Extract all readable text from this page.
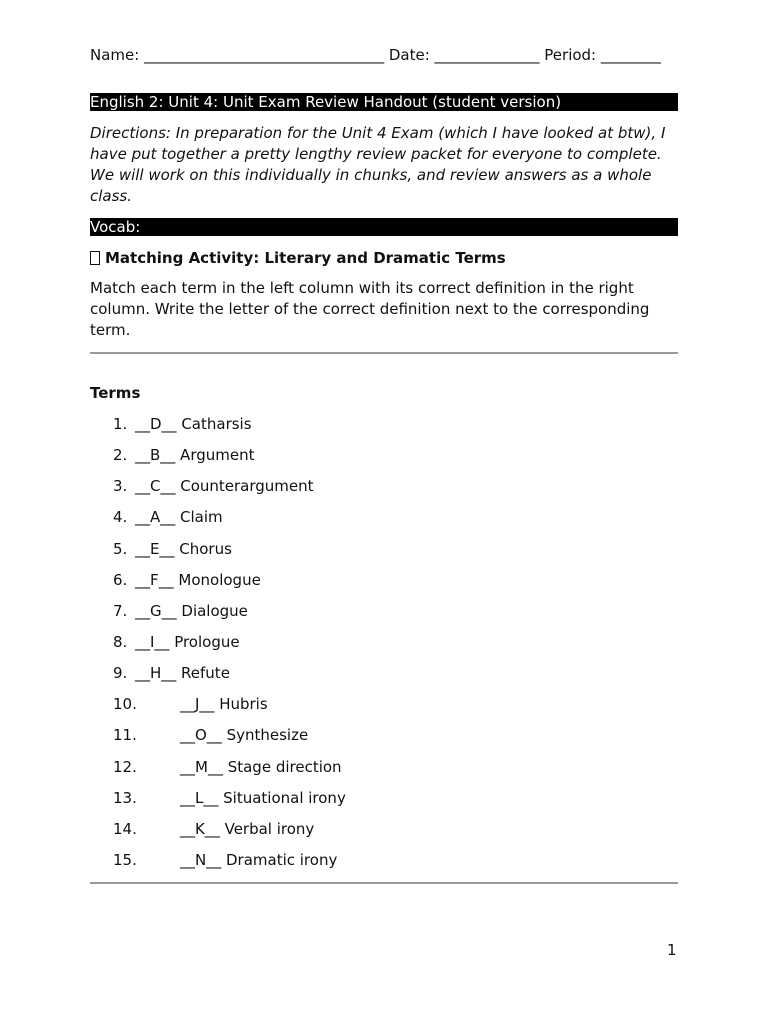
Name: ________________________________ Date: ______________ Period: ________
English 2: Unit 4: Unit Exam Review Handout (student version)
Directions: In preparation for the Unit 4 Exam (which I have looked at btw), I have put together a pretty lengthy review packet for everyone to complete. We will work on this individually in chunks, and review answers as a whole class.
Vocab:
Matching Activity: Literary and Dramatic Terms
Match each term in the left column with its correct definition in the right column. Write the letter of the correct definition next to the corresponding term.
Terms
1. __D__ Catharsis
2. __B__ Argument
3. __C__ Counterargument
4. __A__ Claim
5. __E__ Chorus
6. __F__ Monologue
7. __G__ Dialogue
8. __I__ Prologue
9. __H__ Refute
10.	__J__ Hubris
11.	__O__ Synthesize
12.	__M__ Stage direction
13.	__L__ Situational irony
14.	__K__ Verbal irony
15.	__N__ Dramatic irony
1
